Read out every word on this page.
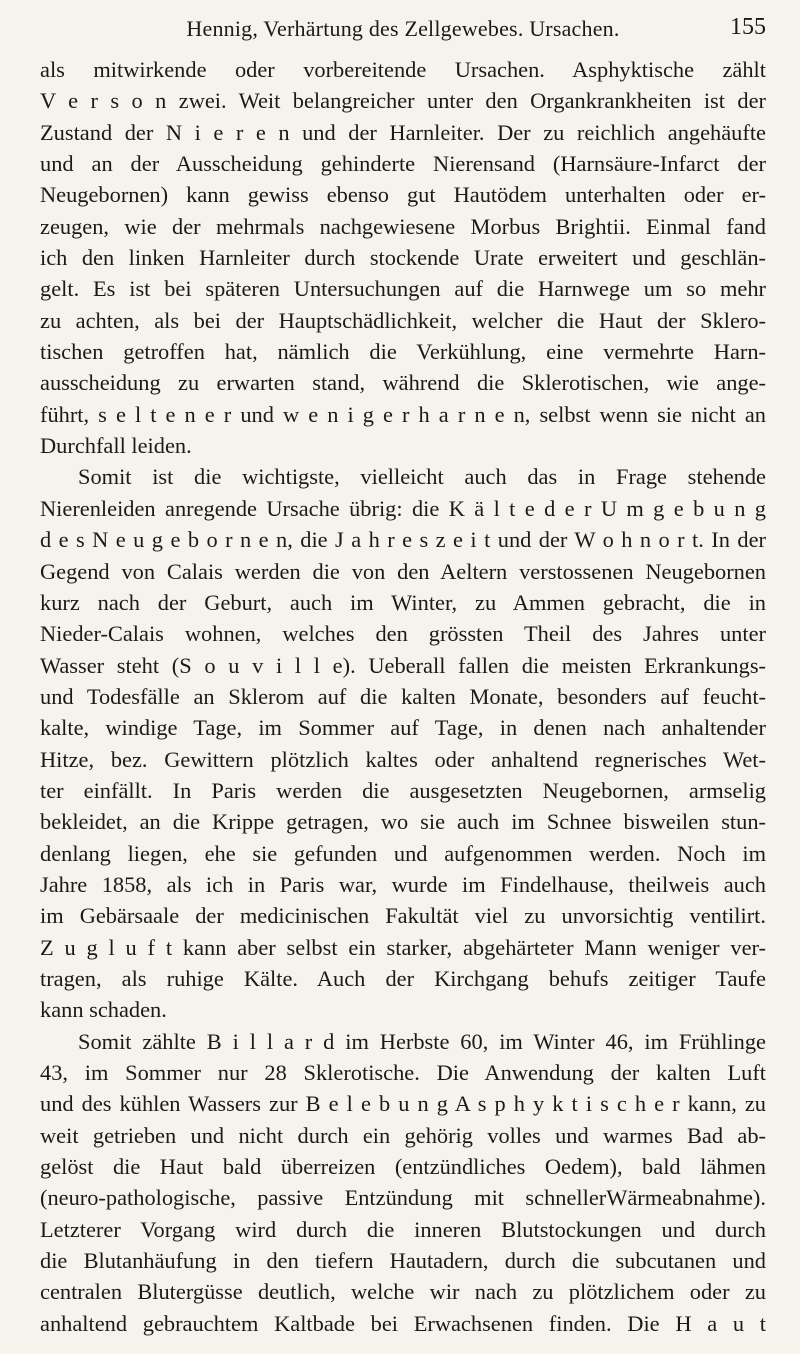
Hennig, Verhärtung des Zellgewebes. Ursachen.	155
als mitwirkende oder vorbereitende Ursachen. Asphyktische zählt
V e r s o n zwei. Weit belangreicher unter den Organkrankheiten ist der
Zustand der N i e r e n und der Harnleiter. Der zu reichlich angehäufte
und an der Ausscheidung gehinderte Nierensand (Harnsäure-Infarct der
Neugebornen) kann gewiss ebenso gut Hautödem unterhalten oder er-
zeugen, wie der mehrmals nachgewiesene Morbus Brightii. Einmal fand
ich den linken Harnleiter durch stockende Urate erweitert und geschlän-
gelt. Es ist bei späteren Untersuchungen auf die Harnwege um so mehr
zu achten, als bei der Hauptschädlichkeit, welcher die Haut der Sklero-
tischen getroffen hat, nämlich die Verkühlung, eine vermehrte Harn-
ausscheidung zu erwarten stand, während die Sklerotischen, wie ange-
führt, s e l t e n e r und w e n i g e r h a r n e n, selbst wenn sie nicht an
Durchfall leiden.
Somit ist die wichtigste, vielleicht auch das in Frage stehende
Nierenleiden anregende Ursache übrig: die K ä l t e d e r U m g e b u n g
d e s N e u g e b o r n e n, die J a h r e s z e i t und der W o h n o r t. In der
Gegend von Calais werden die von den Aeltern verstossenen Neugebornen
kurz nach der Geburt, auch im Winter, zu Ammen gebracht, die in
Nieder-Calais wohnen, welches den grössten Theil des Jahres unter
Wasser steht (S o u v i l l e). Ueberall fallen die meisten Erkrankungs-
und Todesfälle an Sklerom auf die kalten Monate, besonders auf feucht-
kalte, windige Tage, im Sommer auf Tage, in denen nach anhaltender
Hitze, bez. Gewittern plötzlich kaltes oder anhaltend regnerisches Wet-
ter einfällt. In Paris werden die ausgesetzten Neugebornen, armselig
bekleidet, an die Krippe getragen, wo sie auch im Schnee bisweilen stun-
denlang liegen, ehe sie gefunden und aufgenommen werden. Noch im
Jahre 1858, als ich in Paris war, wurde im Findelhause, theilweis auch
im Gebärsaale der medicinischen Fakultät viel zu unvorsichtig ventilirt.
Z u g l u f t kann aber selbst ein starker, abgehärteter Mann weniger ver-
tragen, als ruhige Kälte. Auch der Kirchgang behufs zeitiger Taufe
kann schaden.
Somit zählte B i l l a r d im Herbste 60, im Winter 46, im Frühlinge
43, im Sommer nur 28 Sklerotische. Die Anwendung der kalten Luft
und des kühlen Wassers zur B e l e b u n g A s p h y k t i s c h e r kann, zu
weit getrieben und nicht durch ein gehörig volles und warmes Bad ab-
gelöst die Haut bald überreizen (entzündliches Oedem), bald lähmen
(neuro-pathologische, passive Entzündung mit schnellerWärmeabnahme).
Letzterer Vorgang wird durch die inneren Blutstockungen und durch
die Blutanhäufung in den tiefern Hautadern, durch die subcutanen und
centralen Blutergüsse deutlich, welche wir nach zu plötzlichem oder zu
anhaltend gebrauchtem Kaltbade bei Erwachsenen finden. Die H a u t
